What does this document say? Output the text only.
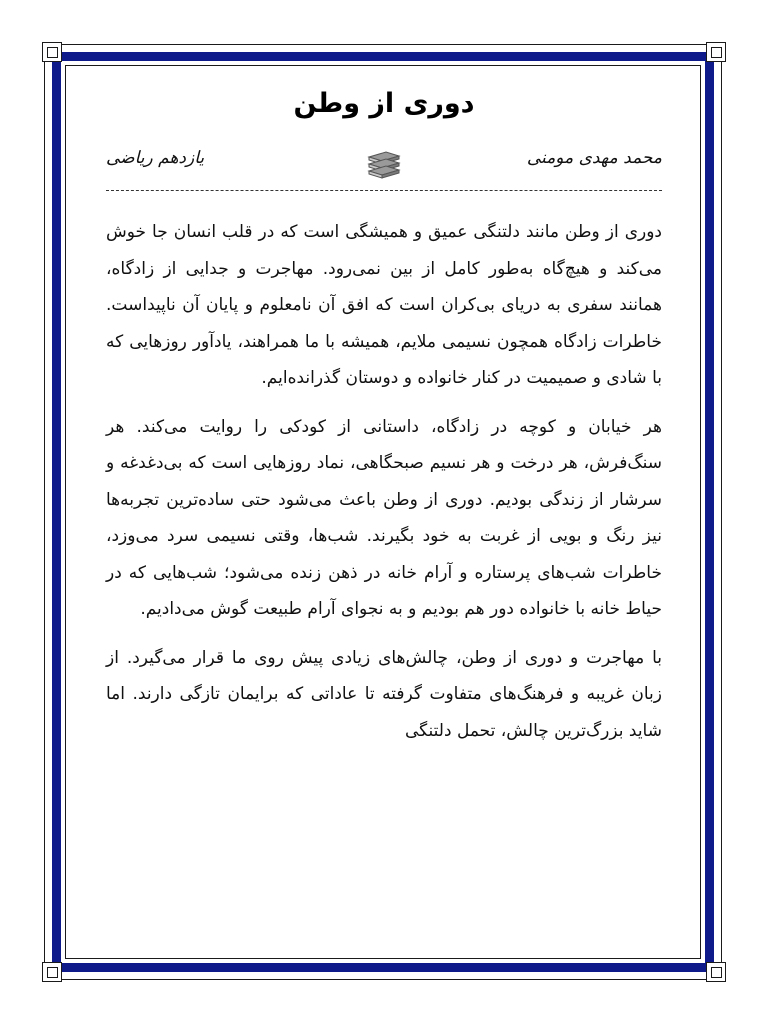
دوری از وطن
محمد مهدی مومنی
یازدهم ریاضی

دوری از وطن مانند دلتنگی عمیق و همیشگی است که در قلب انسان جا خوش می‌کند و هیچ‌گاه به‌طور کامل از بین نمی‌رود. مهاجرت و جدایی از زادگاه، همانند سفری به دریای بی‌کران است که افق آن نامعلوم و پایان آن ناپیداست. خاطرات زادگاه همچون نسیمی ملایم، همیشه با ما همراهند، یادآور روزهایی که با شادی و صمیمیت در کنار خانواده و دوستان گذرانده‌ایم.

هر خیابان و کوچه در زادگاه، داستانی از کودکی را روایت می‌کند. هر سنگ‌فرش، هر درخت و هر نسیم صبحگاهی، نماد روزهایی است که بی‌دغدغه و سرشار از زندگی بودیم. دوری از وطن باعث می‌شود حتی ساده‌ترین تجربه‌ها نیز رنگ و بویی از غربت به خود بگیرند. شب‌ها، وقتی نسیمی سرد می‌وزد، خاطرات شب‌های پرستاره و آرام خانه در ذهن زنده می‌شود؛ شب‌هایی که در حیاط خانه با خانواده دور هم بودیم و به نجوای آرام طبیعت گوش می‌دادیم.

با مهاجرت و دوری از وطن، چالش‌های زیادی پیش روی ما قرار می‌گیرد. از زبان غریبه و فرهنگ‌های متفاوت گرفته تا عاداتی که برایمان تازگی دارند. اما شاید بزرگ‌ترین چالش، تحمل دلتنگی
